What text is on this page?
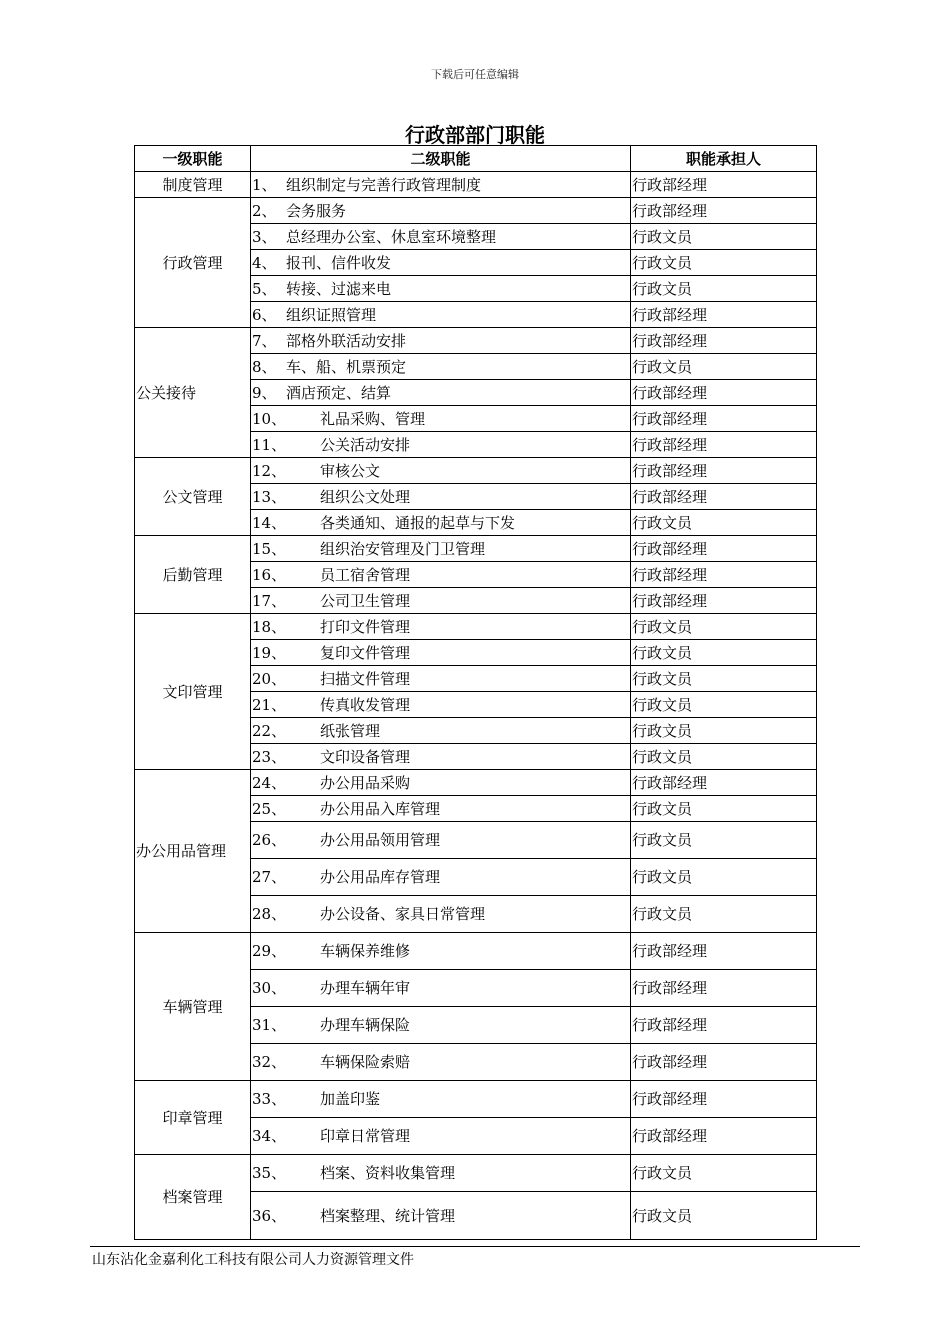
下载后可任意编辑
行政部部门职能
一级职能	二级职能	职能承担人
制度管理	1、 组织制定与完善行政管理制度	行政部经理
行政管理	2、 会务服务	行政部经理
	3、 总经理办公室、休息室环境整理	行政文员
	4、 报刊、信件收发	行政文员
	5、 转接、过滤来电	行政文员
	6、 组织证照管理	行政部经理
公关接待	7、 部格外联活动安排	行政部经理
	8、 车、船、机票预定	行政文员
	9、 酒店预定、结算	行政部经理
	10、 礼品采购、管理	行政部经理
	11、 公关活动安排	行政部经理
公文管理	12、 审核公文	行政部经理
	13、 组织公文处理	行政部经理
	14、 各类通知、通报的起草与下发	行政文员
后勤管理	15、 组织治安管理及门卫管理	行政部经理
	16、 员工宿舍管理	行政部经理
	17、 公司卫生管理	行政部经理
文印管理	18、 打印文件管理	行政文员
	19、 复印文件管理	行政文员
	20、 扫描文件管理	行政文员
	21、 传真收发管理	行政文员
	22、 纸张管理	行政文员
	23、 文印设备管理	行政文员
办公用品管理	24、 办公用品采购	行政部经理
	25、 办公用品入库管理	行政文员
	26、 办公用品领用管理	行政文员
	27、 办公用品库存管理	行政文员
	28、 办公设备、家具日常管理	行政文员
车辆管理	29、 车辆保养维修	行政部经理
	30、 办理车辆年审	行政部经理
	31、 办理车辆保险	行政部经理
	32、 车辆保险索赔	行政部经理
印章管理	33、 加盖印鉴	行政部经理
	34、 印章日常管理	行政部经理
档案管理	35、 档案、资料收集管理	行政文员
	36、 档案整理、统计管理	行政文员
山东沾化金嘉利化工科技有限公司人力资源管理文件
